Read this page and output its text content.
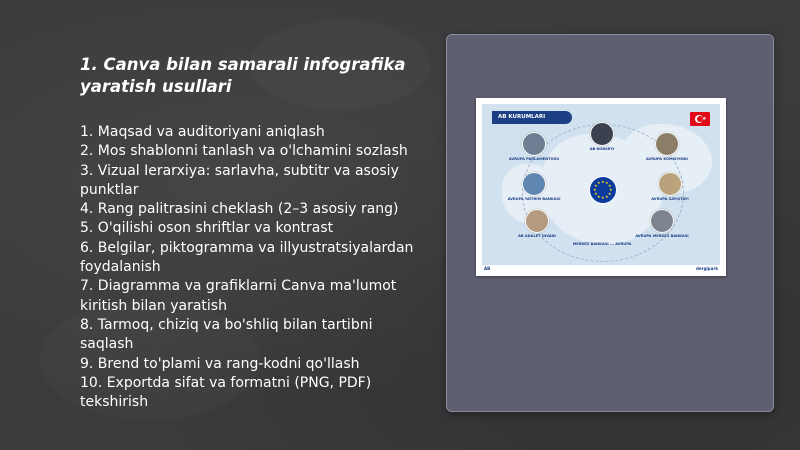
1. Canva bilan samarali infografika yaratish usullari
1. Maqsad va auditoriyani aniqlash
2. Mos shablonni tanlash va o'lchamini sozlash
3. Vizual Ierarxiya: sarlavha, subtitr va asosiy punktlar
4. Rang palitrasini cheklash (2–3 asosiy rang)
5. O'qilishi oson shriftlar va kontrast
6. Belgilar, piktogramma va illyustratsiyalardan foydalanish
7. Diagramma va grafiklarni Canva ma'lumot kiritish bilan yaratish
8. Tarmoq, chiziq va bo'shliq bilan tartibni saqlash
9. Brend to'plami va rang-kodni qo'llash
10. Exportda sifat va formatni (PNG, PDF) tekshirish
AB KURUMLARI	★
AVRUPA PARLAMENTOSU
AB KONSEYI
AVRUPA KOMISYONU
AVRUPA YATIRIM BANKASI	AVRUPA SAYIŞTAYI
AB ADALET DIVANI	AVRUPA MERKEZ BANKASI
★
★
★
★
★
★
★
★
★ ★ ★
★
MERKEZ BANKASI ... AVRUPA
AB	dergipark
